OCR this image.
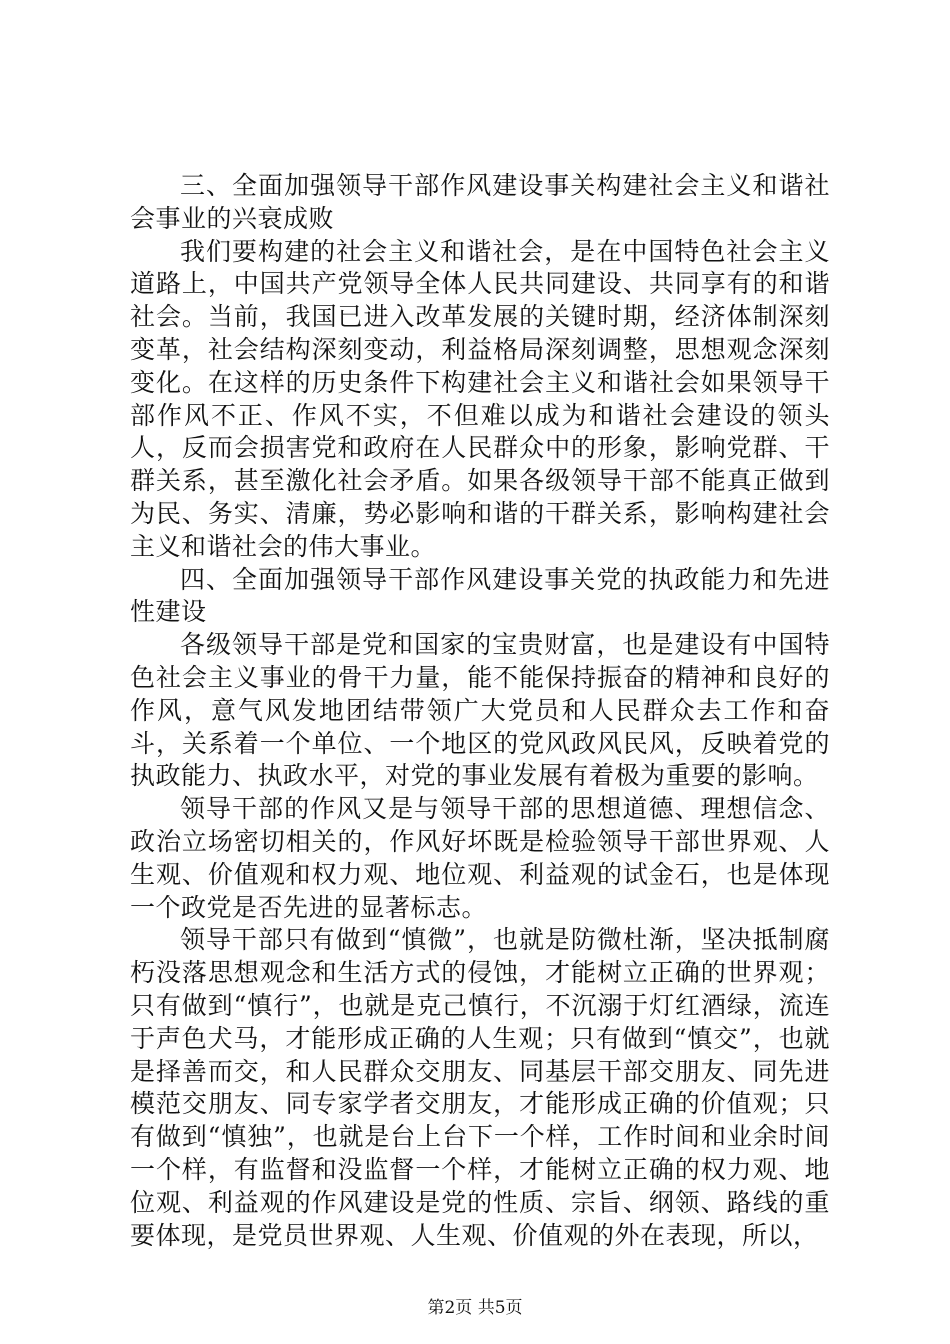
三、全面加强领导干部作风建设事关构建社会主义和谐社会事业的兴衰成败

我们要构建的社会主义和谐社会，是在中国特色社会主义道路上，中国共产党领导全体人民共同建设、共同享有的和谐社会。当前，我国已进入改革发展的关键时期，经济体制深刻变革，社会结构深刻变动，利益格局深刻调整，思想观念深刻变化。在这样的历史条件下构建社会主义和谐社会如果领导干部作风不正、作风不实，不但难以成为和谐社会建设的领头人，反而会损害党和政府在人民群众中的形象，影响党群、干群关系，甚至激化社会矛盾。如果各级领导干部不能真正做到为民、务实、清廉，势必影响和谐的干群关系，影响构建社会主义和谐社会的伟大事业。

四、全面加强领导干部作风建设事关党的执政能力和先进性建设

各级领导干部是党和国家的宝贵财富，也是建设有中国特色社会主义事业的骨干力量，能不能保持振奋的精神和良好的作风，意气风发地团结带领广大党员和人民群众去工作和奋斗，关系着一个单位、一个地区的党风政风民风，反映着党的执政能力、执政水平，对党的事业发展有着极为重要的影响。

领导干部的作风又是与领导干部的思想道德、理想信念、政治立场密切相关的，作风好坏既是检验领导干部世界观、人生观、价值观和权力观、地位观、利益观的试金石，也是体现一个政党是否先进的显著标志。

领导干部只有做到“慎微”，也就是防微杜渐，坚决抵制腐朽没落思想观念和生活方式的侵蚀，才能树立正确的世界观；只有做到“慎行”，也就是克己慎行，不沉溺于灯红酒绿，流连于声色犬马，才能形成正确的人生观；只有做到“慎交”，也就是择善而交，和人民群众交朋友、同基层干部交朋友、同先进模范交朋友、同专家学者交朋友，才能形成正确的价值观；只有做到“慎独”，也就是台上台下一个样，工作时间和业余时间一个样，有监督和没监督一个样，才能树立正确的权力观、地位观、利益观的作风建设是党的性质、宗旨、纲领、路线的重要体现，是党员世界观、人生观、价值观的外在表现，所以，

第2页 共5页
